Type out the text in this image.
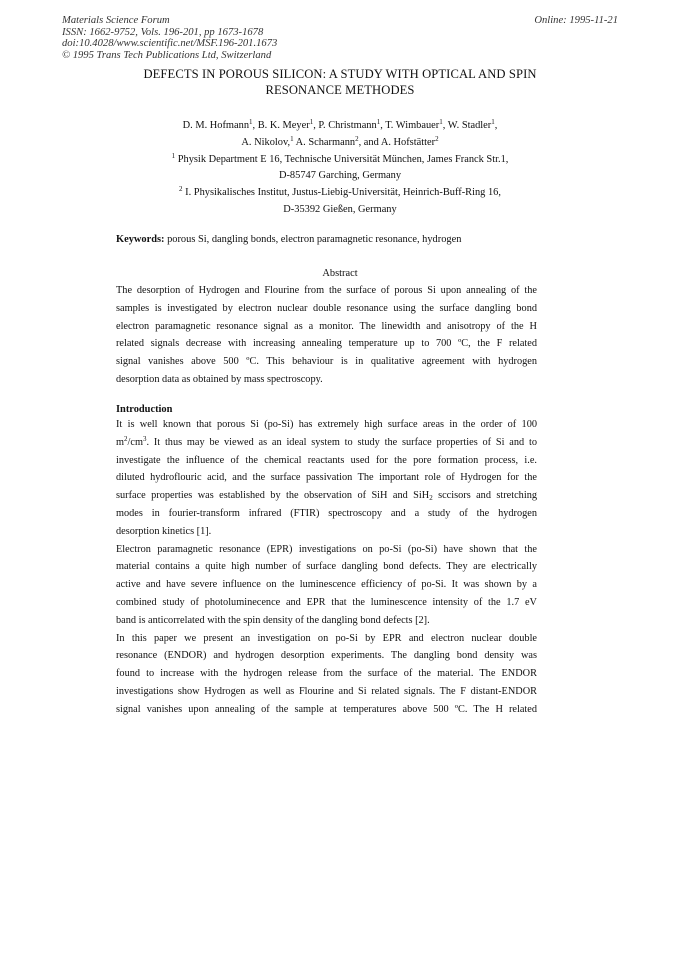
Materials Science Forum
ISSN: 1662-9752, Vols. 196-201, pp 1673-1678
doi:10.4028/www.scientific.net/MSF.196-201.1673
© 1995 Trans Tech Publications Ltd, Switzerland
Online: 1995-11-21
DEFECTS IN POROUS SILICON: A STUDY WITH OPTICAL AND SPIN
RESONANCE METHODES
D. M. Hofmann$^1$, B. K. Meyer$^1$, P. Christmann$^1$, T. Wimbauer$^1$, W. Stadler$^1$,
A. Nikolov,$^1$ A. Scharmann$^2$, and A. Hofstätter$^2$
$^1$ Physik Department E 16, Technische Universität München, James Franck Str.1,
D-85747 Garching, Germany
$^2$ I. Physikalisches Institut, Justus-Liebig-Universität, Heinrich-Buff-Ring 16,
D-35392 Gießen, Germany
Keywords: porous Si, dangling bonds, electron paramagnetic resonance, hydrogen
Abstract
The desorption of Hydrogen and Flourine from the surface of porous Si upon annealing of the
samples is investigated by electron nuclear double resonance using the surface dangling bond
electron paramagnetic resonance signal as a monitor. The linewidth and anisotropy of the H
related signals decrease with increasing annealing temperature up to 700 ºC, the F related
signal vanishes above 500 ºC. This behaviour is in qualitative agreement with hydrogen
desorption data as obtained by mass spectroscopy.
Introduction
It is well known that porous Si (po-Si) has extremely high surface areas in the order of 100
$m^2/cm^3$. It thus may be viewed as an ideal system to study the surface properties of Si and to
investigate the influence of the chemical reactants used for the pore formation process, i.e.
diluted hydroflouric acid, and the surface passivation The important role of Hydrogen for the
surface properties was established by the observation of SiH and SiH$_2$ sccisors and stretching
modes in fourier-transform infrared (FTIR) spectroscopy and a study of the hydrogen
desorption kinetics [1].
Electron paramagnetic resonance (EPR) investigations on po-Si (po-Si) have shown that the
material contains a quite high number of surface dangling bond defects. They are electrically
active and have severe influence on the luminescence efficiency of po-Si. It was shown by a
combined study of photoluminecence and EPR that the luminescence intensity of the 1.7 eV
band is anticorrelated with the spin density of the dangling bond defects [2].
In this paper we present an investigation on po-Si by EPR and electron nuclear double
resonance (ENDOR) and hydrogen desorption experiments. The dangling bond density was
found to increase with the hydrogen release from the surface of the material. The ENDOR
investigations show Hydrogen as well as Flourine and Si related signals. The F distant-ENDOR
signal vanishes upon annealing of the sample at temperatures above 500 ºC. The H related
